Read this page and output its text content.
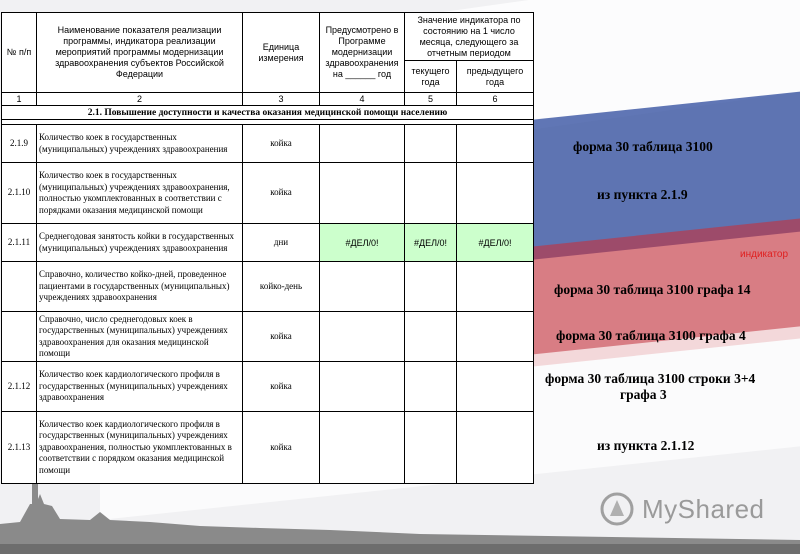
MyShared
№ п/п	Наименование показателя реализации программы, индикатора реализации мероприятий программы модернизации здравоохранения субъектов Российской Федерации	Единица измерения	Предусмотрено в Программе модернизации здравоохранения на ______ год	Значение индикатора по состоянию на 1 число месяца, следующего за отчетным периодом	
				текущего года	предыдущего года
1	2	3	4	5	6
2.1. Повышение доступности и качества оказания медицинской помощи населению					

2.1.9	Количество коек в государственных (муниципальных) учреждениях здравоохранения	койка			
2.1.10	Количество коек в государственных (муниципальных) учреждениях здравоохранения, полностью укомплектованных в соответствии с порядками оказания медицинской помощи	койка			
2.1.11	Среднегодовая занятость койки в государственных (муниципальных) учреждениях здравоохранения	дни	#ДЕЛ/0!	#ДЕЛ/0!	#ДЕЛ/0!
	Справочно, количество койко-дней, проведенное пациентами в государственных (муниципальных) учреждениях здравоохранения	койко-день			
	Справочно, число среднегодовых коек в государственных (муниципальных) учреждениях здравоохранения для оказания медицинской помощи	койка			
2.1.12	Количество коек кардиологического профиля в государственных (муниципальных) учреждениях здравоохранения	койка			
2.1.13	Количество коек кардиологического профиля в государственных (муниципальных) учреждениях здравоохранения, полностью укомплектованных в соответствии с порядком оказания медицинской помощи	койка			
форма 30 таблица 3100
из пункта 2.1.9
индикатор
форма 30 таблица 3100 графа 14
форма 30 таблица 3100 графа 4
форма 30 таблица 3100 строки 3+4
графа 3
из пункта 2.1.12
